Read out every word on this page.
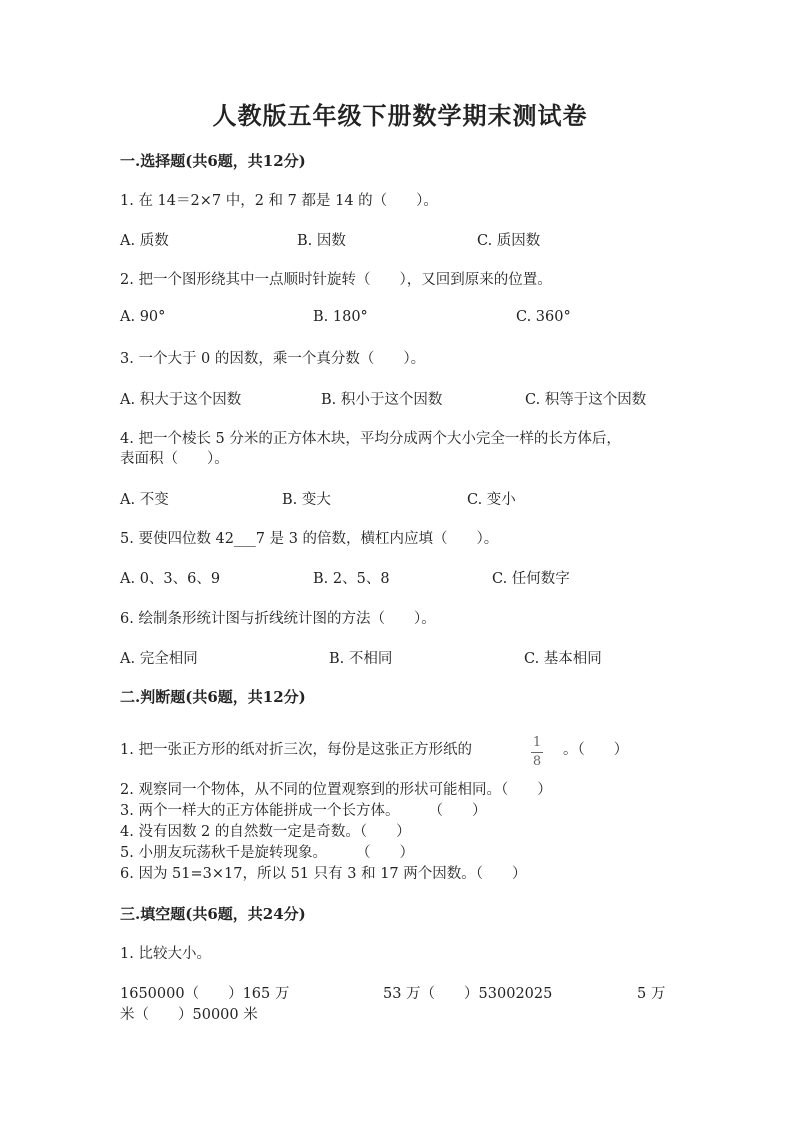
人教版五年级下册数学期末测试卷
一.选择题(共6题，共12分)
1. 在 14＝2×7 中，2 和 7 都是 14 的（　　）。
A. 质数	B. 因数	C. 质因数
2. 把一个图形绕其中一点顺时针旋转（　　），又回到原来的位置。
A. 90°	B. 180°	C. 360°
3. 一个大于 0 的因数，乘一个真分数（　　）。
A. 积大于这个因数	B. 积小于这个因数	C. 积等于这个因数
4. 把一个棱长 5 分米的正方体木块，平均分成两个大小完全一样的长方体后，
表面积（　　）。
A. 不变	B. 变大	C. 变小
5. 要使四位数 42___7 是 3 的倍数，横杠内应填（　　）。
A. 0、3、6、9	B. 2、5、8	C. 任何数字
6. 绘制条形统计图与折线统计图的方法（　　）。
A. 完全相同	B. 不相同	C. 基本相同
二.判断题(共6题，共12分)
1. 把一张正方形的纸对折三次，每份是这张正方形纸的	$\frac{1}{8}$ 。（　　）
2. 观察同一个物体，从不同的位置观察到的形状可能相同。（　　）
3. 两个一样大的正方体能拼成一个长方体。　　　（　　）
4. 没有因数 2 的自然数一定是奇数。（　　）
5. 小朋友玩荡秋千是旋转现象。　　　（　　）
6. 因为 51=3×17，所以 51 只有 3 和 17 两个因数。（　　）
三.填空题(共6题，共24分)
1. 比较大小。
1650000（　　）165 万	53 万（　　）53002025	5 万
米（　　）50000 米
